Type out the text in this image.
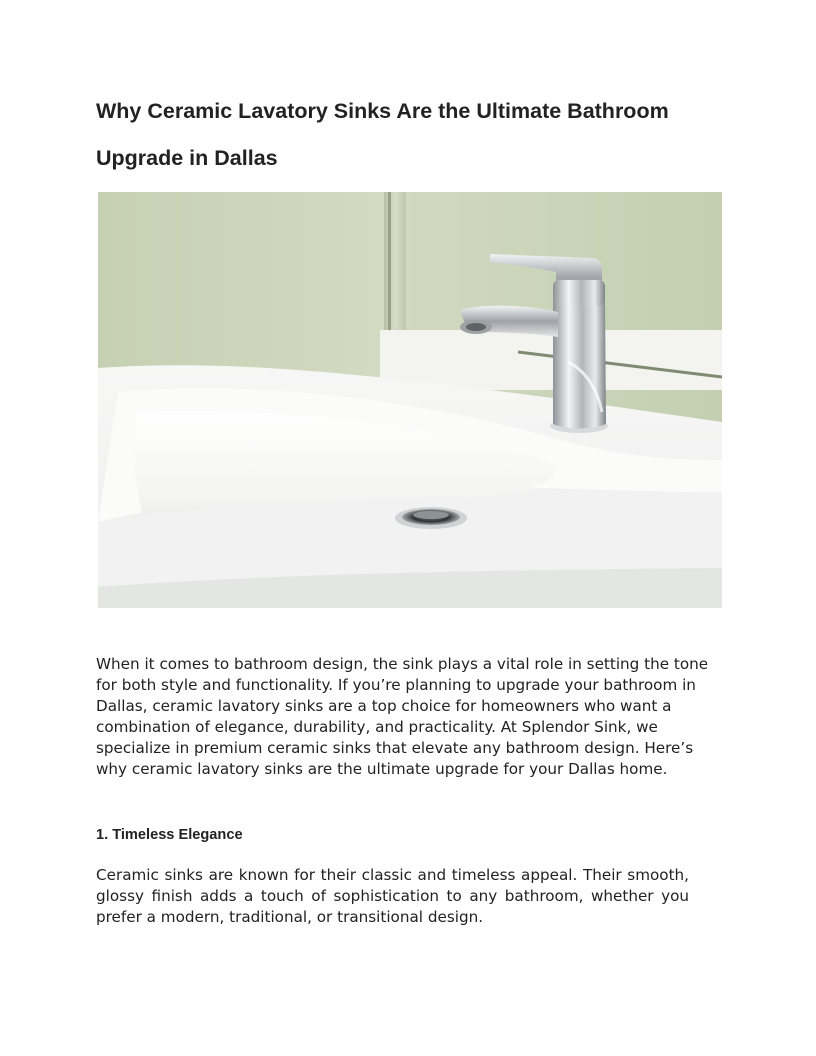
Why Ceramic Lavatory Sinks Are the Ultimate Bathroom Upgrade in Dallas

When it comes to bathroom design, the sink plays a vital role in setting the tone for both style and functionality. If you’re planning to upgrade your bathroom in Dallas, ceramic lavatory sinks are a top choice for homeowners who want a combination of elegance, durability, and practicality. At Splendor Sink, we specialize in premium ceramic sinks that elevate any bathroom design. Here’s why ceramic lavatory sinks are the ultimate upgrade for your Dallas home.

1. Timeless Elegance

Ceramic sinks are known for their classic and timeless appeal. Their smooth, glossy finish adds a touch of sophistication to any bathroom, whether you prefer a modern, traditional, or transitional design.
